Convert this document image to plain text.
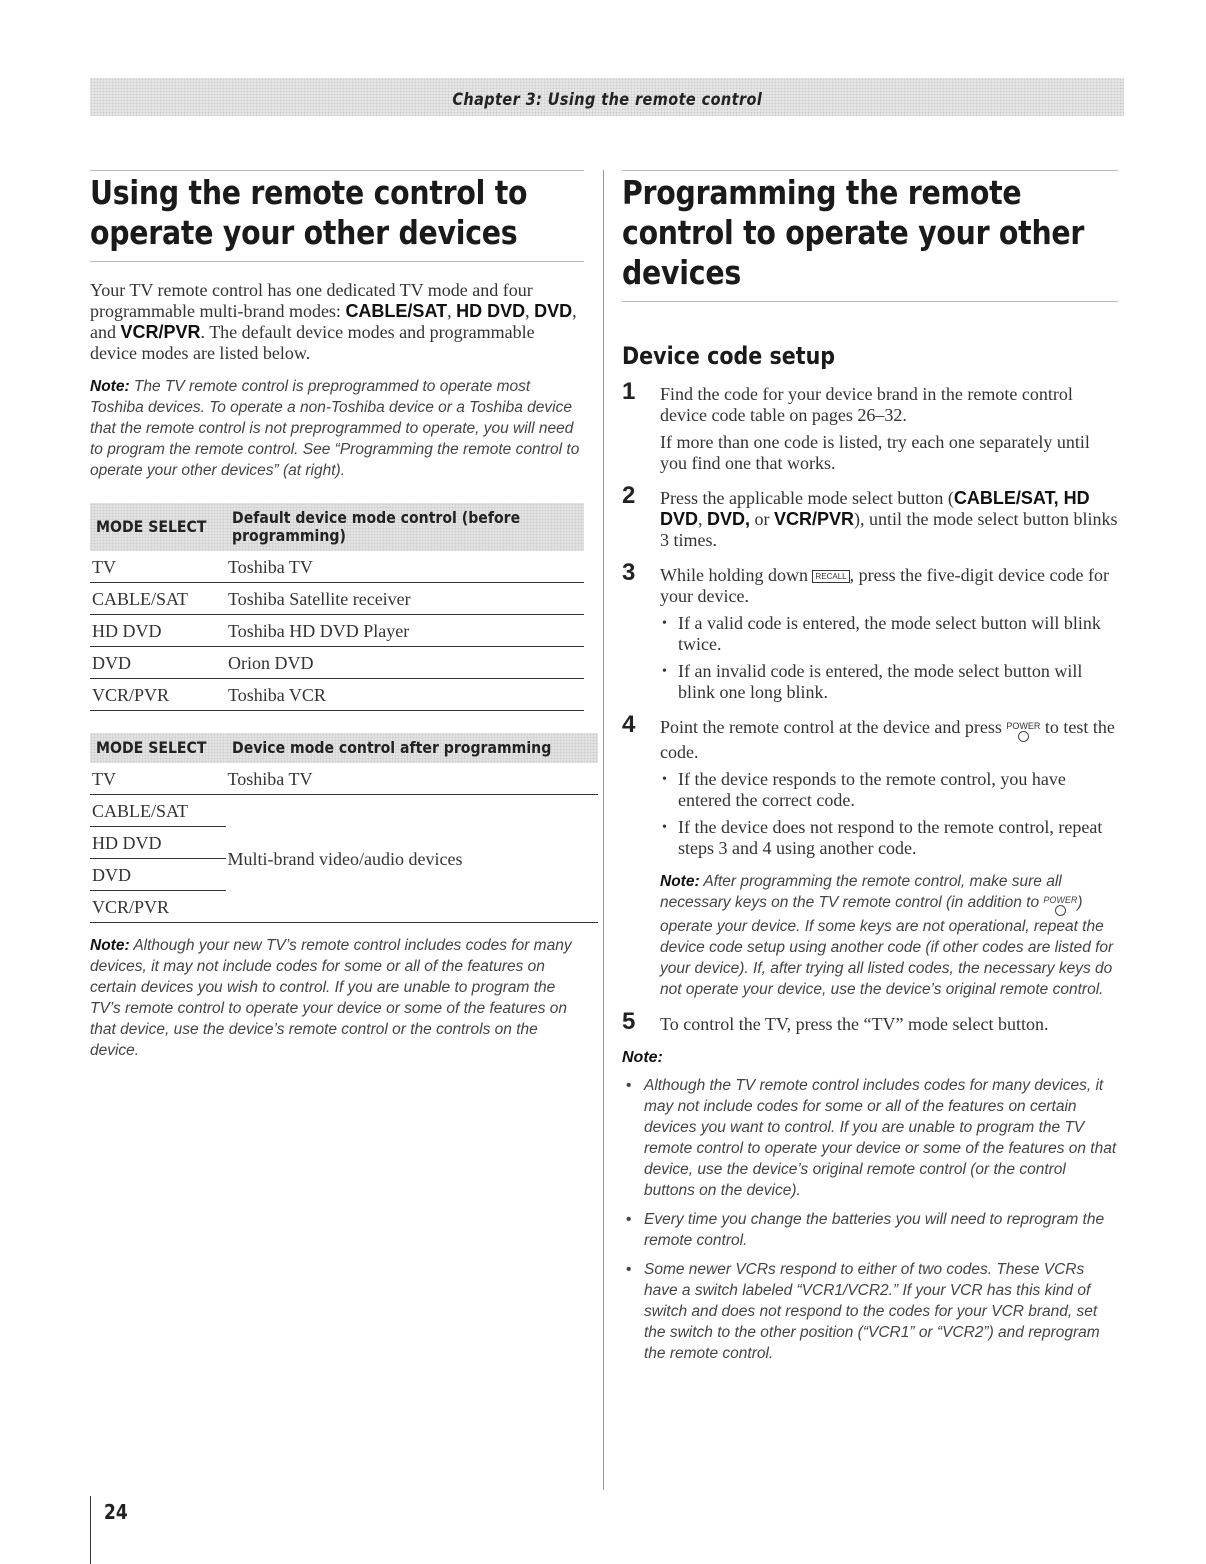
Chapter 3: Using the remote control
Using the remote control to operate your other devices

Your TV remote control has one dedicated TV mode and four programmable multi-brand modes: CABLE/SAT, HD DVD, DVD, and VCR/PVR. The default device modes and programmable device modes are listed below.

Note: The TV remote control is preprogrammed to operate most Toshiba devices. To operate a non-Toshiba device or a Toshiba device that the remote control is not preprogrammed to operate, you will need to program the remote control. See “Programming the remote control to operate your other devices” (at right).

MODE SELECT	Default device mode control (before programming)
TV	Toshiba TV
CABLE/SAT	Toshiba Satellite receiver
HD DVD	Toshiba HD DVD Player
DVD	Orion DVD
VCR/PVR	Toshiba VCR
MODE SELECT	Device mode control after programming
TV	Toshiba TV
CABLE/SAT	Multi-brand video/audio devices
HD DVD	
DVD	
VCR/PVR	

Note: Although your new TV’s remote control includes codes for many devices, it may not include codes for some or all of the features on certain devices you wish to control. If you are unable to program the TV’s remote control to operate your device or some of the features on that device, use the device’s remote control or the controls on the device.

Programming the remote control to operate your other devices
Device code setup
1 Find the code for your device brand in the remote control device code table on pages 26–32.
If more than one code is listed, try each one separately until you find one that works.
2 Press the applicable mode select button (CABLE/SAT, HD DVD, DVD, or VCR/PVR), until the mode select button blinks 3 times.
3 While holding down RECALL , press the five-digit device code for your device.
• If a valid code is entered, the mode select button will blink twice.
• If an invalid code is entered, the mode select button will blink one long blink.
4 Point the remote control at the device and press POWER
to test the code.
• If the device responds to the remote control, you have entered the correct code.
• If the device does not respond to the remote control, repeat steps 3 and 4 using another code.

Note: After programming the remote control, make sure all necessary keys on the TV remote control (in addition to POWER
) operate your device. If some keys are not operational, repeat the device code setup using another code (if other codes are listed for your device). If, after trying all listed codes, the necessary keys do not operate your device, use the device’s original remote control.

5 To control the TV, press the “TV” mode select button.
Note:
• Although the TV remote control includes codes for many devices, it may not include codes for some or all of the features on certain devices you want to control. If you are unable to program the TV remote control to operate your device or some of the features on that device, use the device’s original remote control (or the control buttons on the device).
• Every time you change the batteries you will need to reprogram the remote control.
• Some newer VCRs respond to either of two codes. These VCRs have a switch labeled “VCR1/VCR2.” If your VCR has this kind of switch and does not respond to the codes for your VCR brand, set the switch to the other position (“VCR1” or “VCR2”) and reprogram the remote control.
24
